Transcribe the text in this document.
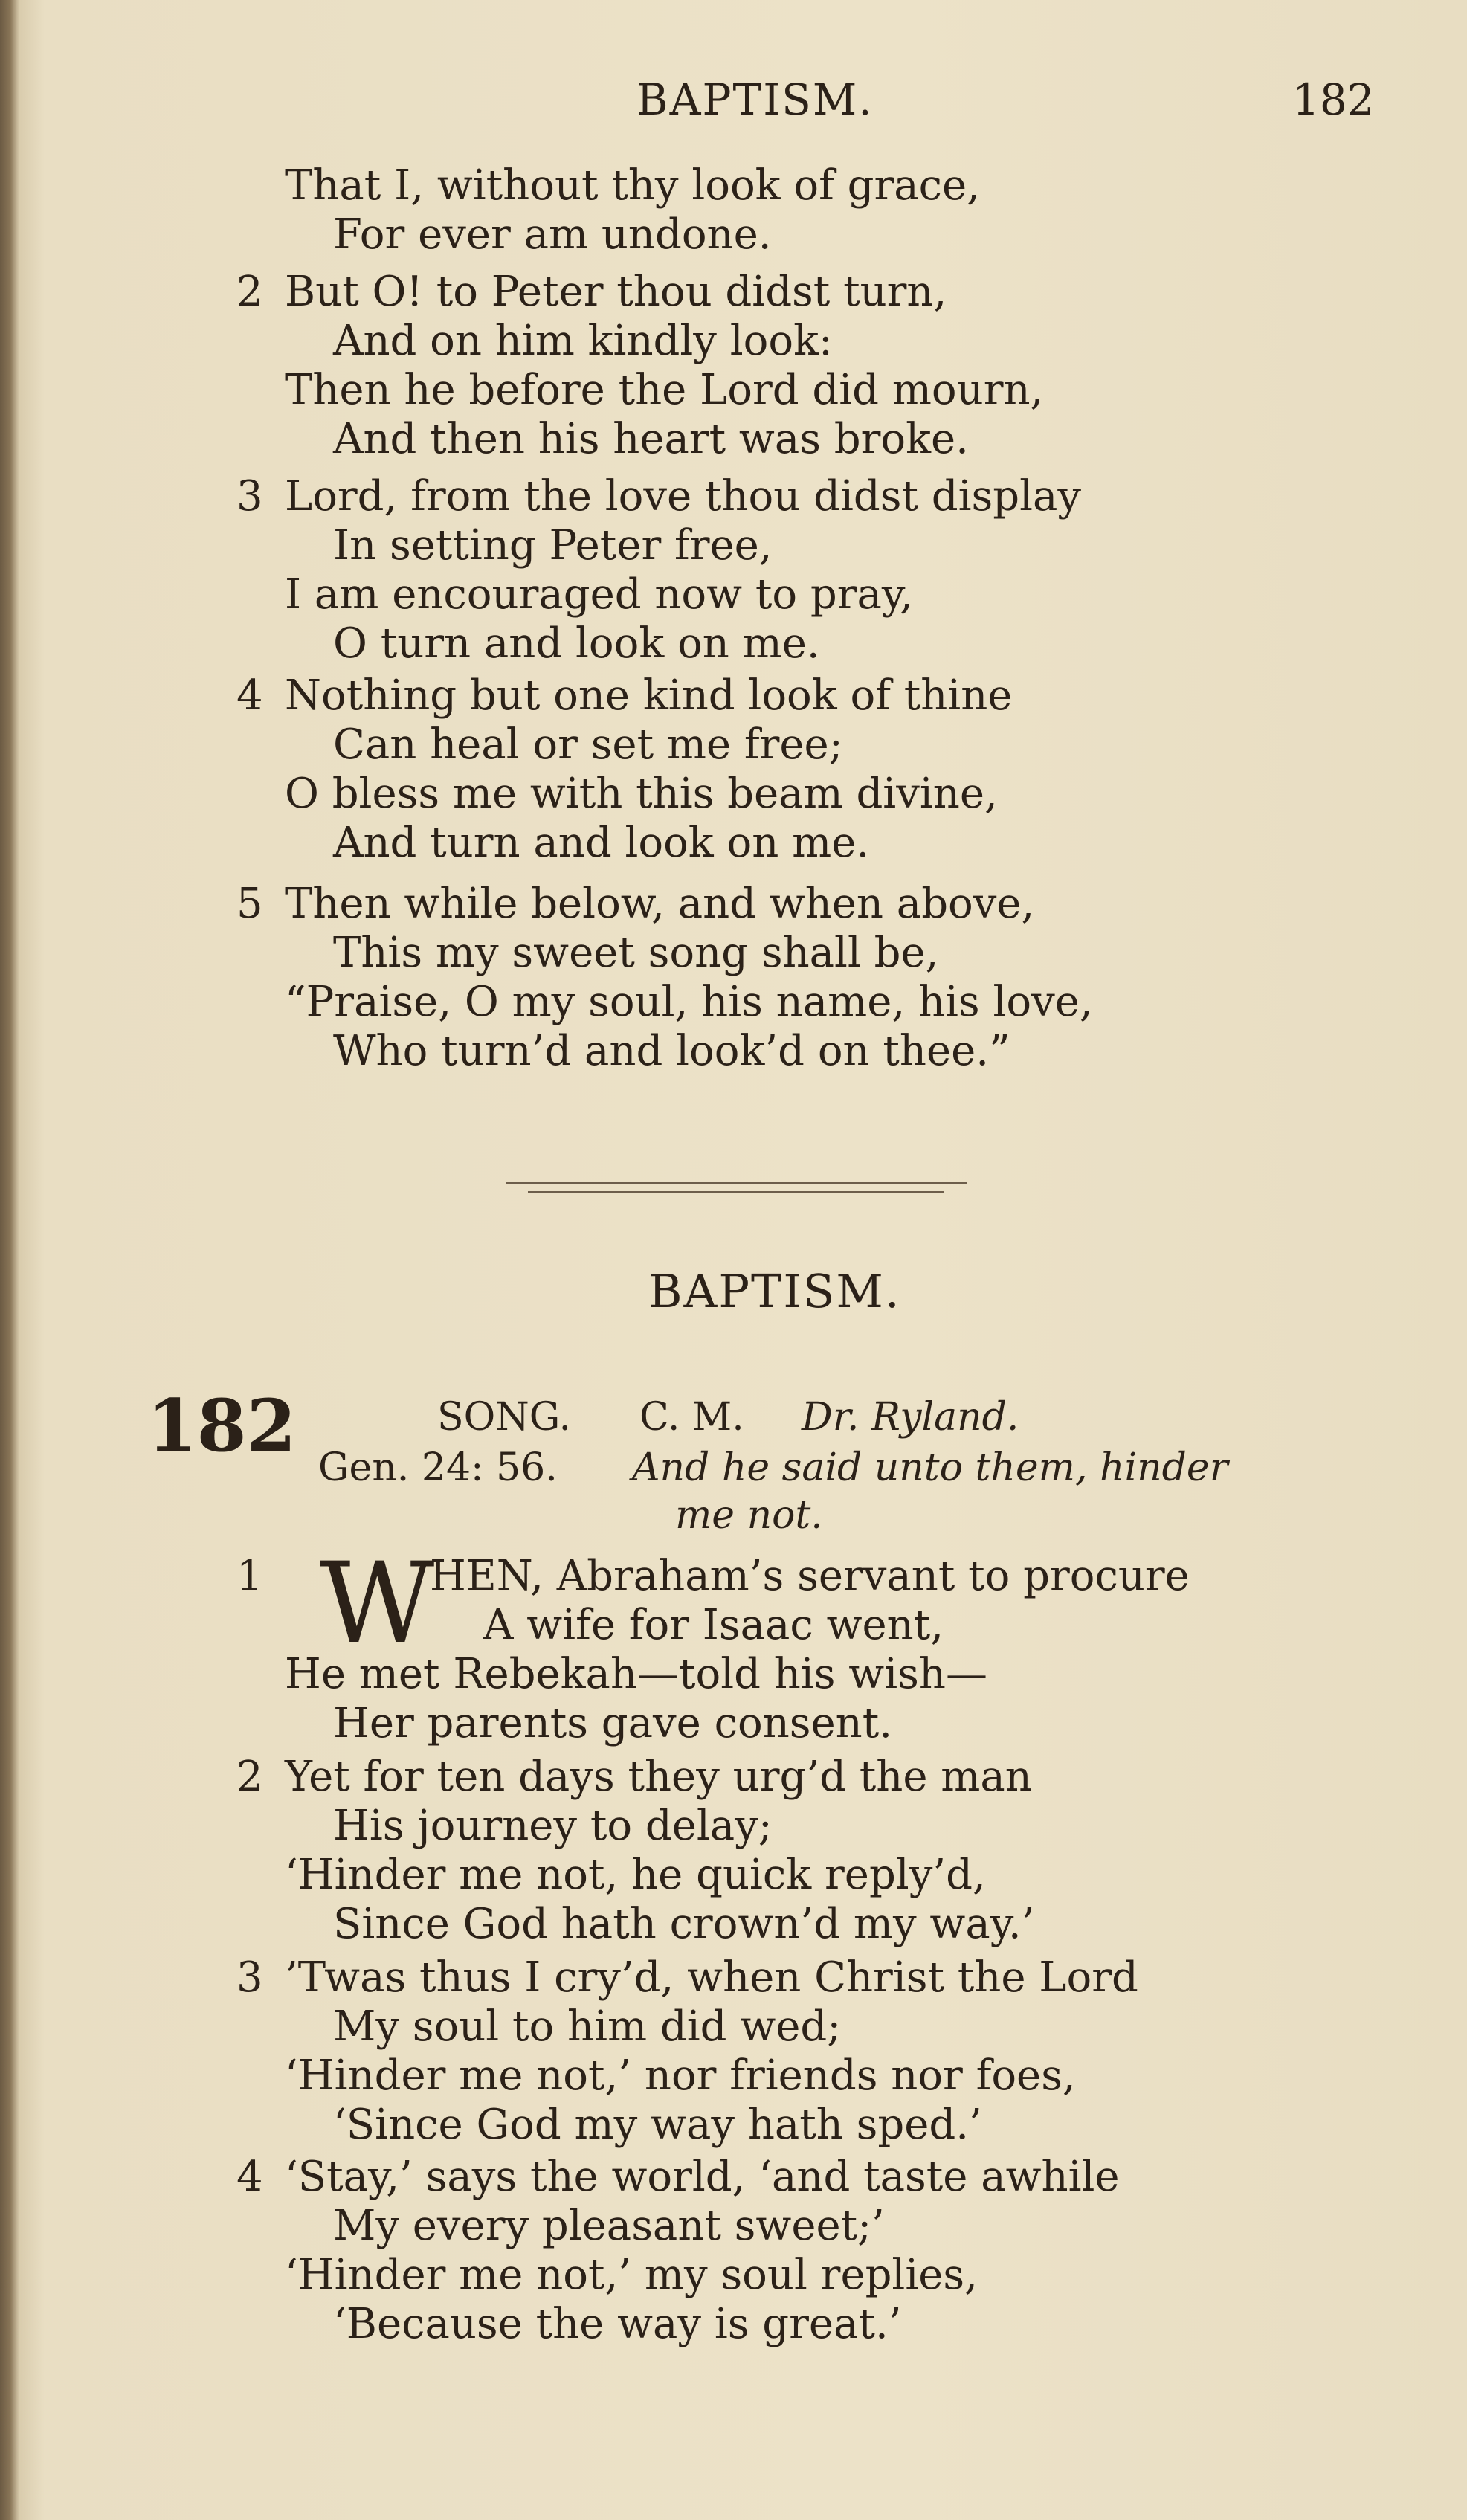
BAPTISM.	182
That I, without thy look of grace,
For ever am undone.
2 But O! to Peter thou didst turn,
And on him kindly look:
Then he before the Lord did mourn,
And then his heart was broke.
3 Lord, from the love thou didst display
In setting Peter free,
I am encouraged now to pray,
O turn and look on me.
4 Nothing but one kind look of thine
Can heal or set me free;
O bless me with this beam divine,
And turn and look on me.
5 Then while below, and when above,
This my sweet song shall be,
“Praise, O my soul, his name, his love,
Who turn’d and look’d on thee.”
BAPTISM.
182	SONG. C. M. Dr. Ryland.
Gen. 24: 56. And he said unto them, hinder
me not.
1 W
HEN, Abraham’s servant to procure
A wife for Isaac went,
He met Rebekah—told his wish—
Her parents gave consent.
2 Yet for ten days they urg’d the man
His journey to delay;
‘Hinder me not, he quick reply’d,
Since God hath crown’d my way.’
3 ’Twas thus I cry’d, when Christ the Lord
My soul to him did wed;
‘Hinder me not,’ nor friends nor foes,
‘Since God my way hath sped.’
4 ‘Stay,’ says the world, ‘and taste awhile
My every pleasant sweet;’
‘Hinder me not,’ my soul replies,
‘Because the way is great.’
